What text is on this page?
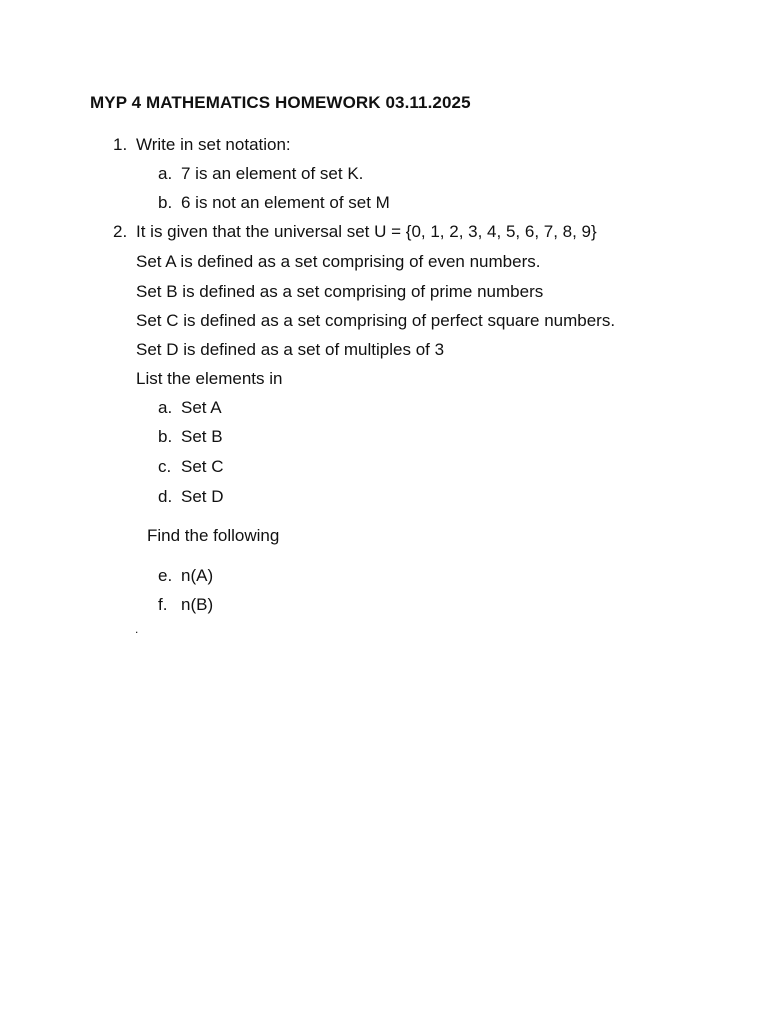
MYP 4 MATHEMATICS HOMEWORK 03.11.2025
1. Write in set notation:
a. 7 is an element of set K.
b. 6 is not an element of set M
2. It is given that the universal set U = {0, 1, 2, 3, 4, 5, 6, 7, 8, 9}
Set A is defined as a set comprising of even numbers.
Set B is defined as a set comprising of prime numbers
Set C is defined as a set comprising of perfect square numbers.
Set D is defined as a set of multiples of 3
List the elements in
a. Set A
b. Set B
c. Set C
d. Set D
Find the following
e. n(A)
f. n(B)
.
